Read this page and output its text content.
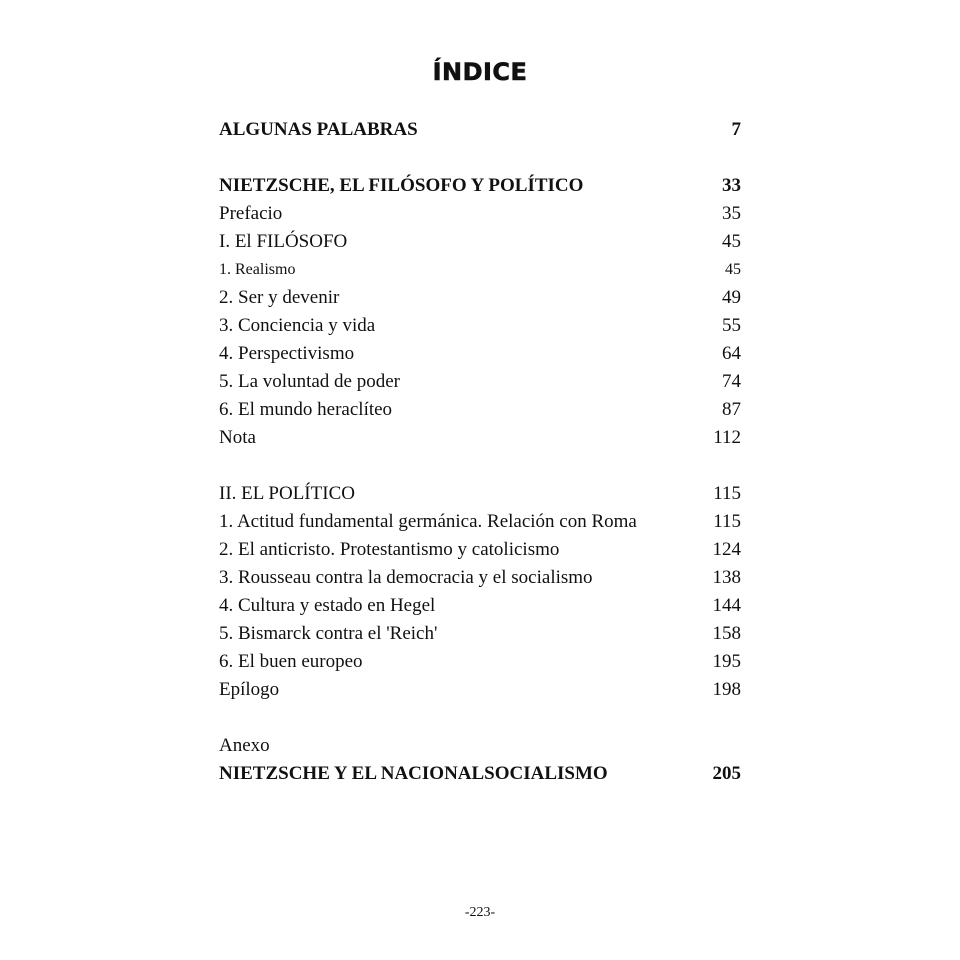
ÍNDICE
ALGUNAS PALABRAS	7
NIETZSCHE, EL FILÓSOFO Y POLÍTICO	33
Prefacio	35
I. El FILÓSOFO	45
1. Realismo	45
2. Ser y devenir	49
3. Conciencia y vida	55
4. Perspectivismo	64
5. La voluntad de poder	74
6. El mundo heraclíteo	87
Nota	112
II. EL POLÍTICO	115
1. Actitud fundamental germánica. Relación con Roma	115
2. El anticristo. Protestantismo y catolicismo	124
3. Rousseau contra la democracia y el socialismo	138
4. Cultura y estado en Hegel	144
5. Bismarck contra el 'Reich'	158
6. El buen europeo	195
Epílogo	198
Anexo
NIETZSCHE Y EL NACIONALSOCIALISMO	205
-223-
